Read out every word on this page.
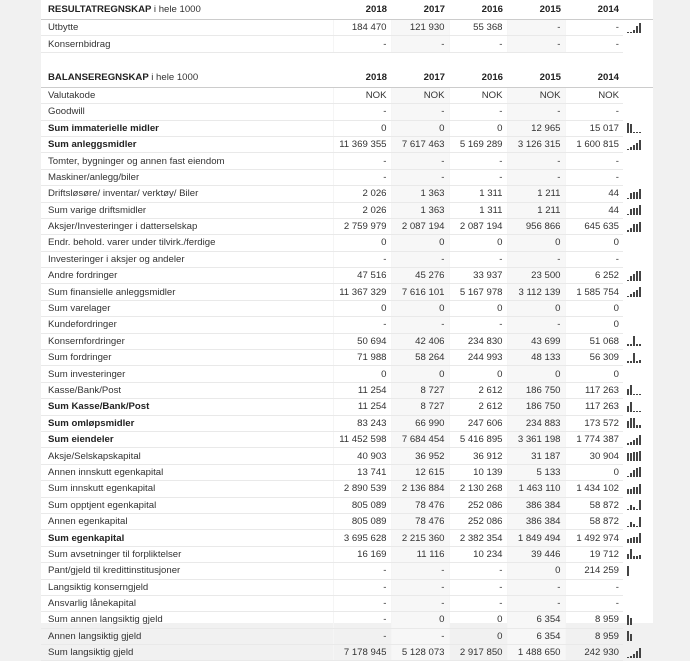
RESULTATREGNSKAP i hele 1000	2018	2017	2016	2015	2014	
Utbytte	184 470	121 930	55 368	-	-	

Konsernbidrag	-	-	-	-	-	

BALANSEREGNSKAP i hele 1000	2018	2017	2016	2015	2014	
Valutakode	NOK	NOK	NOK	NOK	NOK	
Goodwill	-	-	-	-	-	
Sum immaterielle midler	0	0	0	12 965	15 017	

Sum anleggsmidler	11 369 355	7 617 463	5 169 289	3 126 315	1 600 815	

Tomter, bygninger og annen fast eiendom	-	-	-	-	-	
Maskiner/anlegg/biler	-	-	-	-	-	
Driftsløsøre/ inventar/ verktøy/ Biler	2 026	1 363	1 311	1 211	44	

Sum varige driftsmidler	2 026	1 363	1 311	1 211	44	

Aksjer/Investeringer i datterselskap	2 759 979	2 087 194	2 087 194	956 866	645 635	

Endr. behold. varer under tilvirk./ferdige	0	0	0	0	0	
Investeringer i aksjer og andeler	-	-	-	-	-	
Andre fordringer	47 516	45 276	33 937	23 500	6 252	

Sum finansielle anleggsmidler	11 367 329	7 616 101	5 167 978	3 112 139	1 585 754	

Sum varelager	0	0	0	0	0	
Kundefordringer	-	-	-	-	0	
Konsernfordringer	50 694	42 406	234 830	43 699	51 068	

Sum fordringer	71 988	58 264	244 993	48 133	56 309	

Sum investeringer	0	0	0	0	0	
Kasse/Bank/Post	11 254	8 727	2 612	186 750	117 263	

Sum Kasse/Bank/Post	11 254	8 727	2 612	186 750	117 263	

Sum omløpsmidler	83 243	66 990	247 606	234 883	173 572	

Sum eiendeler	11 452 598	7 684 454	5 416 895	3 361 198	1 774 387	

Aksje/Selskapskapital	40 903	36 952	36 912	31 187	30 904	

Annen innskutt egenkapital	13 741	12 615	10 139	5 133	0	

Sum innskutt egenkapital	2 890 539	2 136 884	2 130 268	1 463 110	1 434 102	

Sum opptjent egenkapital	805 089	78 476	252 086	386 384	58 872	

Annen egenkapital	805 089	78 476	252 086	386 384	58 872	

Sum egenkapital	3 695 628	2 215 360	2 382 354	1 849 494	1 492 974	

Sum avsetninger til forpliktelser	16 169	11 116	10 234	39 446	19 712	

Pant/gjeld til kredittinstitusjoner	-	-	-	0	214 259	

Langsiktig konserngjeld	-	-	-	-	-	
Ansvarlig lånekapital	-	-	-	-	-	
Sum annen langsiktig gjeld	-	0	0	6 354	8 959	

Annen langsiktig gjeld	-	-	0	6 354	8 959	

Sum langsiktig gjeld	7 178 945	5 128 073	2 917 850	1 488 650	242 930	
